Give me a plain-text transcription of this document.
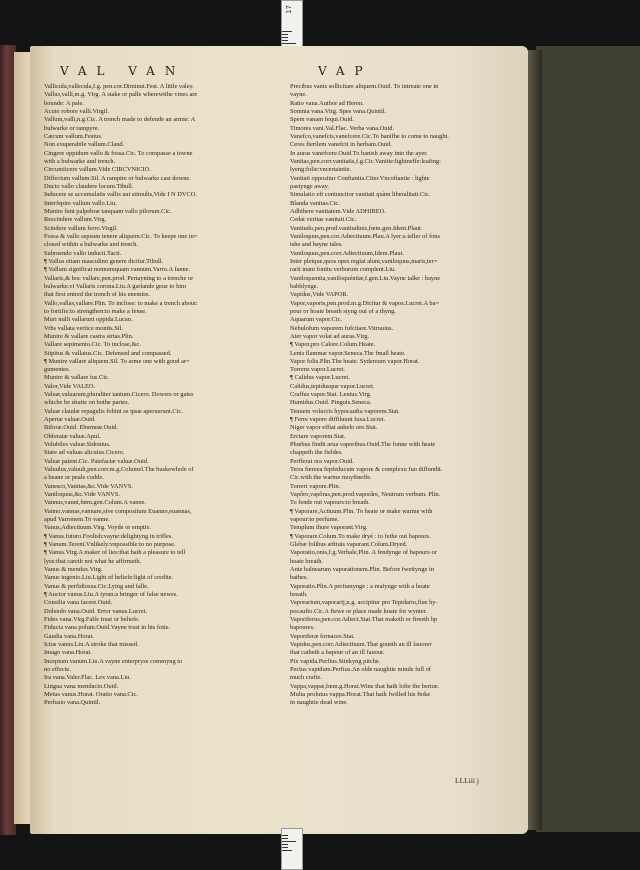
17
VAL VAN	VAP
Vallicula,vallecula,f.g. pen.cor.Diminut.Fest. A little valey.
Vallus,valli,m.g. Virg. A stake or palle wherewithe vines are
bounde: A pale.
Acuto robore valli.Virgil.
Vallum,valli,n.g.Cic. A trench made to defende an armie: A
bulwarke or rampyre.
Cæcum vallum.Festus.
Non exuperabile vallum.Claud.
Cingere oppidum vallo & fossa.Cic. To compasse a towne
with a bulwarke and trench.
Circumiicere vallum.Vide CIRCVNICIO.
Diffectum vallum.Sil. A rampire or bulwarke cast downe.
Ducto vallo claudere locum.Tibull.
Inducere se accumulatis vallis aut stimulis,Vide I N DVCO.
Interfepire vallum vallo.Liu.
Munire funt palpebræ tanquam vallo pilorum.Cic.
Rescindere vallum.Virg.
Scindere vallum ferro.Virgil.
Fossa & vallo sepsum tenere aliquem.Cic. To keepe one in=
closed within a bulwarke and trench.
Subruendo vallo inducit.Tacit.
¶ Vallus etiam masculino genere dicitur.Tibull.
¶ Vallum significat nonnumquam vannum.Varro.A fanne.
Vallaris,& hoc vallare,pen.prod. Pertayning to a trenche or
bulwarke.vt Vallaris corona.Liu.A garlande geue to him
that first entred the trench of his enemies.
Vallo,vallas,vallare.Plin. To inclose: to make a trench about:
to fortifie:to strengthen:to make a fense.
Muri nulli vallarunt oppida.Lucan.
Vrbs vallata vertice montis.Sil.
Munire & vallare castra sirtas.Plin.
Vallare sepimento.Cic. To inclose,&c.
Stipitus & vallatus.Cic. Defensed and compassed.
¶ Munire vallare aliquem.Sil. To arme one with good ar=
gumentes.
Munire & vallare ius.Cic.
Valor,Vide VALEO.
Valuæ,valuarum,pluraliter tantum.Cicero. Dowers or gates
whiche be shutte on bothe partes.
Valuæ claudæ repagulis fobini se ipsæ aperuerunt.Cic.
Apertæ valuæ.Ouid.
Biforæ.Ouid. Eburneæ.Ouid.
Obferatæ valuæ.Apul.
Volubiles valuæ.Sidonius.
Stare ad valuas alicuius.Cicero.
Valuæ patent.Cic. Patefactæ valuæ.Ouid.
Valuulus,valuuli,pen.corr.m.g.Columel.The huskewhole of
a beane or peale codde.
Vanesco,Vanitas,&c.Vide VANVS.
Vaniloquus,&c.Vide VANVS.
Vannus,vanni,fœm.gen.Colum.A vanne.
Vanno,vannas,vannare,sive compositum Euanno,euannas,
apud Varronem.To vanne.
Vanus,Adiectiuum.Virg. Voyde or emptie.
¶ Vanus.futuro.Foolish:vayne:delightyng in trifles.
¶ Vanum.Terent.Vnlikely:vnpossible:to no purpose.
¶ Vanus.Virg.A maker of lies:that hath a pleasure to tell
lyes:that careth not what he affirmeth.
Vanus & mendax.Virg.
Vanus ingenio.Liu.Light of beliefe:light of credite.
Vanus & perfidiosus.Cic.Lying and falle.
¶ Auctor vanus.Liu.A tyran:a bringer of false newes.
Consilia vana facere.Ouid.
Dolendo vana.Ouid. Error vanus.Lucret.
Fides vana.Virg.Falfe trust or beliefe.
Fiducia vana polum.Ouid.Vayne trust in his fotte.
Gaudia vana.Horat.
Ictus vanus.Liu.A stroke that missed.
Imago vana.Horat.
Inceptum vanum.Liu.A vayne enterpryse commyng to
no effecte.
Ira vana.Valer.Flac. Lex vana.Liu.
Lingua vana mendacio.Ouid.
Metus vanus.Horat. Oratio vana.Cic.
Perfusio vana.Quintil.
Precibus vanis sollicitare aliquem.Ouid. To intreate one in
vayne.
Ratio vana.Author ad Heren.
Somnia vana.Virg. Spes vana.Quintil.
Spem vanam fequi.Ouid.
Timores vani.Val.Flac. Verba vana.Ouid.
Vanefco,vanefcis,vanefcere.Cic.To banifhe to come to naught.
Ceres fterilem vanefcit in herbam.Ouid.
In auras vanefcere.Ouid.To banish away into the ayer.
Vanitas,pen.corr.vanitatis,f.g.Cic.Vanitie:lightneffe:leafing:
lyeng:folie:vncertaintie.
Vanitati oppositur Conftantia.Citer.Vncoftantie : lighte
pastynge away.
Simulatio eft coniunctior vanitati quàm liberalitati.Cic.
Blanda vanitas.Cic.
Adhibere vanitatem.Vide ADHIBEO.
Cedat veritas vanitati.Cic.
Vanitudo,pen.prod.vanitudinis,fœm.gen.Idem.Plaut.
Vaniloquus,pen.cor.Adiectiuum.Plau.A lyer:a teller of fons
ishe and bayne tales.
Vaniloquus,pen.corr.Adiectiuum,Idem.Plaut.
Inter pletque,quos opes regiat alunt,vaniloquus,maris,ter=
rarit inani fonitu verborum complent.Liu.
Vaniloquentia,vaniloquéntiæ,f.gen.Liu.Vayne talke : bayne
babblynge.
Vapidus,Vide VAPOR.
Vapor,vaporis,pen.prod.m.g.Dicitur & vapos.Lucret.A ba=
pour or hoate breath styng out of a thyng.
Aquarum vapor.Cic.
Nebulofum vaporem fufcitare.Vitruuius.
Ater vapor volat ad auras.Virg.
¶ Vapor,pro Calore.Colum.Heate.
Lenis flammæ vapor.Seneca.The fmall heate.
Vapor folis.Plin.The heate. Sydereum vapor.Horat.
Torrens vapor.Lucret.
¶ Calidus vapor.Lucret.
Calidus,tepidusque vapor.Lucret.
Craffus vapor.Stat. Lenius.Virg.
Humidus.Ouid. Pinguis.Seneca.
Tenuem volucris hypocaufta vaporem.Stat.
¶ Ferre vapore diffiluunt faxa.Lucret.
Niger vapor effiat anhelo ore.Stat.
Erctare vaporem.Stat.
Phœbus findit arua vaporibus.Ouid.The fonne with heate
chappeth the fieldes.
Perfferat ora vapor.Ouid.
Terra fœmea fepfeducum vapore & complexu fuo diffundit.
Cic.with the warme moyftneffe.
Torreri vapore.Plin.
Vapôro,vapôras,pen.prod.vaporâre, Neutrum verbum. Plin.
To fende out vapours:to breath.
¶ Vaporare,Actiuum.Plin. To heate or make warme with
vapour:to perfume.
Templum thure vaporant.Virg.
¶ Vaporare.Colum.To make dryé : to fethe out bapours.
Glebæ folibus æftiuis vaporant.Colum.Dryed.
Vaporatio,onis,f.g.Verbale,Plin. A fendynge of bapours or
hoate breath.
Ante balnearum vaporationem.Plin. Before fwettynge in
bathes.
Vaporatio.Plin.A perfumynge : a reafynge with a hoate
breath.
Vaporarium,vaporarij,n.g. accipitur pro Tepidario,fiue hy-
pocaufto.Cic.A ftewe or place made hoate for wynter.
Vaporiferus,pen.cor.Adiect.Stat.That maketh or fireeth bp
bapoures.
Vaporiferæ fornaces.Stat.
Vapidus,pen.corr.Adiectiuum.That goueth an ill fauorer
that catheth a bapour of an ill fauour.
Pix vapida.Perfius.Stinkyng pitche.
Pectus vapidum.Perfius.An olde naughtie minde full of
much crafte.
Vappa,vappæ,fœm.g.Horat.Wine that hath lofte the bertue.
Multa prolutus vappa.Horat.That hath fwilled his ftoke
in naughtie dead wine.
LLLiii j
